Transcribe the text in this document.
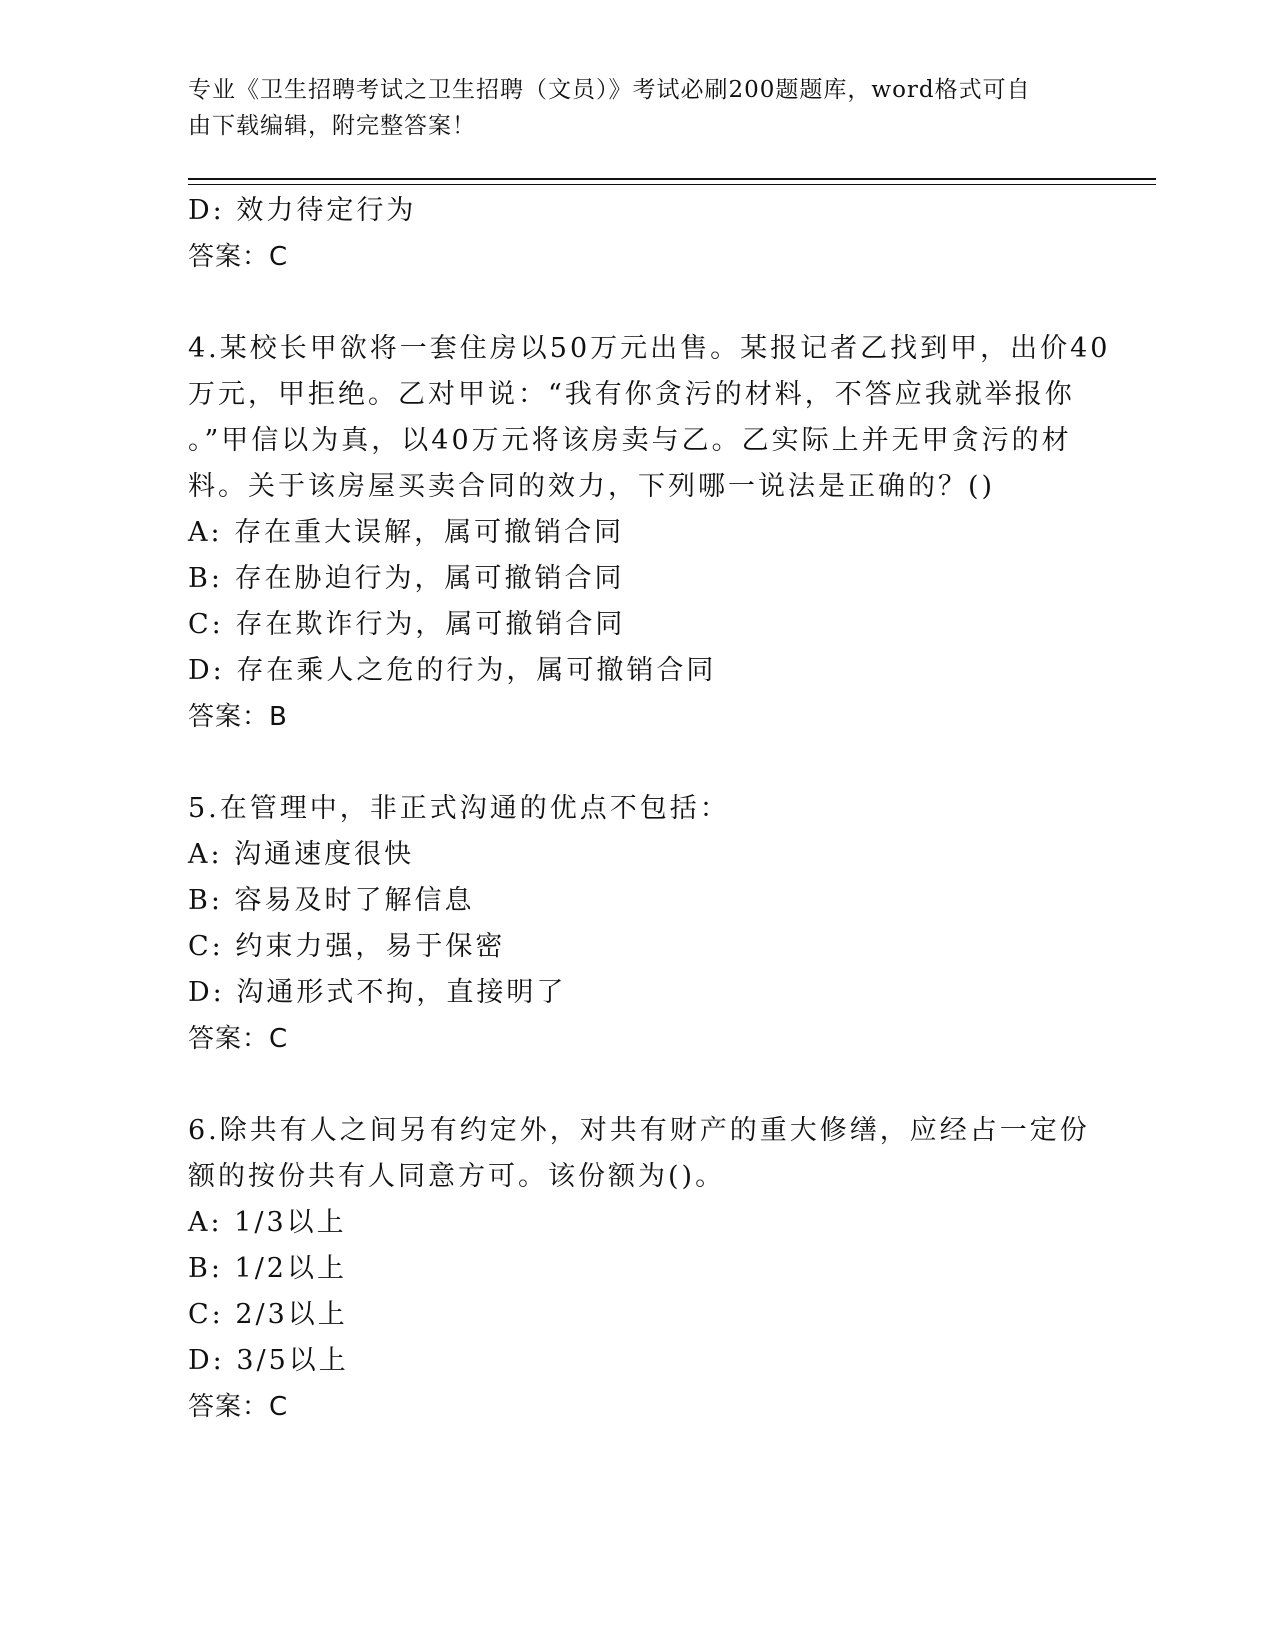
专业《卫生招聘考试之卫生招聘（文员）》考试必刷200题题库，word格式可自
由下载编辑，附完整答案！
D: 效力待定行为
答案：C
4.某校长甲欲将一套住房以50万元出售。某报记者乙找到甲，出价40
万元，甲拒绝。乙对甲说：“我有你贪污的材料，不答应我就举报你
。”甲信以为真，以40万元将该房卖与乙。乙实际上并无甲贪污的材
料。关于该房屋买卖合同的效力，下列哪一说法是正确的？()
A: 存在重大误解，属可撤销合同
B: 存在胁迫行为，属可撤销合同
C: 存在欺诈行为，属可撤销合同
D: 存在乘人之危的行为，属可撤销合同
答案：B
5.在管理中，非正式沟通的优点不包括：
A: 沟通速度很快
B: 容易及时了解信息
C: 约束力强，易于保密
D: 沟通形式不拘，直接明了
答案：C
6.除共有人之间另有约定外，对共有财产的重大修缮，应经占一定份
额的按份共有人同意方可。该份额为()。
A: 1/3以上
B: 1/2以上
C: 2/3以上
D: 3/5以上
答案：C
